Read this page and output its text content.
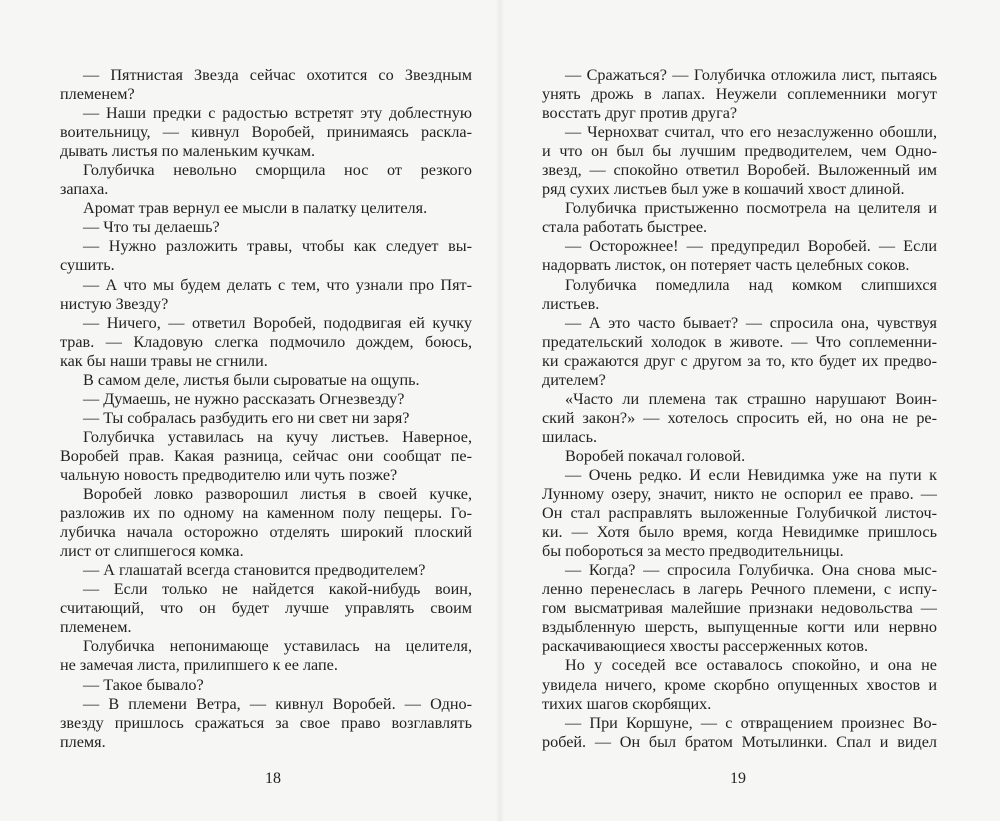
— Пятнистая Звезда сейчас охотится со Звездным
племенем?
— Наши предки с радостью встретят эту доблестную
воительницу, — кивнул Воробей, принимаясь раскла-
дывать листья по маленьким кучкам.
Голубичка невольно сморщила нос от резкого
запаха.
Аромат трав вернул ее мысли в палатку целителя.
— Что ты делаешь?
— Нужно разложить травы, чтобы как следует вы-
сушить.
— А что мы будем делать с тем, что узнали про Пят-
нистую Звезду?
— Ничего, — ответил Воробей, пододвигая ей кучку
трав. — Кладовую слегка подмочило дождем, боюсь,
как бы наши травы не сгнили.
В самом деле, листья были сыроватые на ощупь.
— Думаешь, не нужно рассказать Огнезвезду?
— Ты собралась разбудить его ни свет ни заря?
Голубичка уставилась на кучу листьев. Наверное,
Воробей прав. Какая разница, сейчас они сообщат пе-
чальную новость предводителю или чуть позже?
Воробей ловко разворошил листья в своей кучке,
разложив их по одному на каменном полу пещеры. Го-
лубичка начала осторожно отделять широкий плоский
лист от слипшегося комка.
— А глашатай всегда становится предводителем?
— Если только не найдется какой-нибудь воин,
считающий, что он будет лучше управлять своим
племенем.
Голубичка непонимающе уставилась на целителя,
не замечая листа, прилипшего к ее лапе.
— Такое бывало?
— В племени Ветра, — кивнул Воробей. — Одно-
звезду пришлось сражаться за свое право возглавлять
племя.
18
— Сражаться? — Голубичка отложила лист, пытаясь
унять дрожь в лапах. Неужели соплеменники могут
восстать друг против друга?
— Чернохват считал, что его незаслуженно обошли,
и что он был бы лучшим предводителем, чем Одно-
звезд, — спокойно ответил Воробей. Выложенный им
ряд сухих листьев был уже в кошачий хвост длиной.
Голубичка пристыженно посмотрела на целителя и
стала работать быстрее.
— Осторожнее! — предупредил Воробей. — Если
надорвать листок, он потеряет часть целебных соков.
Голубичка помедлила над комком слипшихся
листьев.
— А это часто бывает? — спросила она, чувствуя
предательский холодок в животе. — Что соплеменни-
ки сражаются друг с другом за то, кто будет их предво-
дителем?
«Часто ли племена так страшно нарушают Воин-
ский закон?» — хотелось спросить ей, но она не ре-
шилась.
Воробей покачал головой.
— Очень редко. И если Невидимка уже на пути к
Лунному озеру, значит, никто не оспорил ее право. —
Он стал расправлять выложенные Голубичкой листоч-
ки. — Хотя было время, когда Невидимке пришлось
бы побороться за место предводительницы.
— Когда? — спросила Голубичка. Она снова мыс-
ленно перенеслась в лагерь Речного племени, с испу-
гом высматривая малейшие признаки недовольства —
вздыбленную шерсть, выпущенные когти или нервно
раскачивающиеся хвосты рассерженных котов.
Но у соседей все оставалось спокойно, и она не
увидела ничего, кроме скорбно опущенных хвостов и
тихих шагов скорбящих.
— При Коршуне, — с отвращением произнес Во-
робей. — Он был братом Мотылинки. Спал и видел
19
